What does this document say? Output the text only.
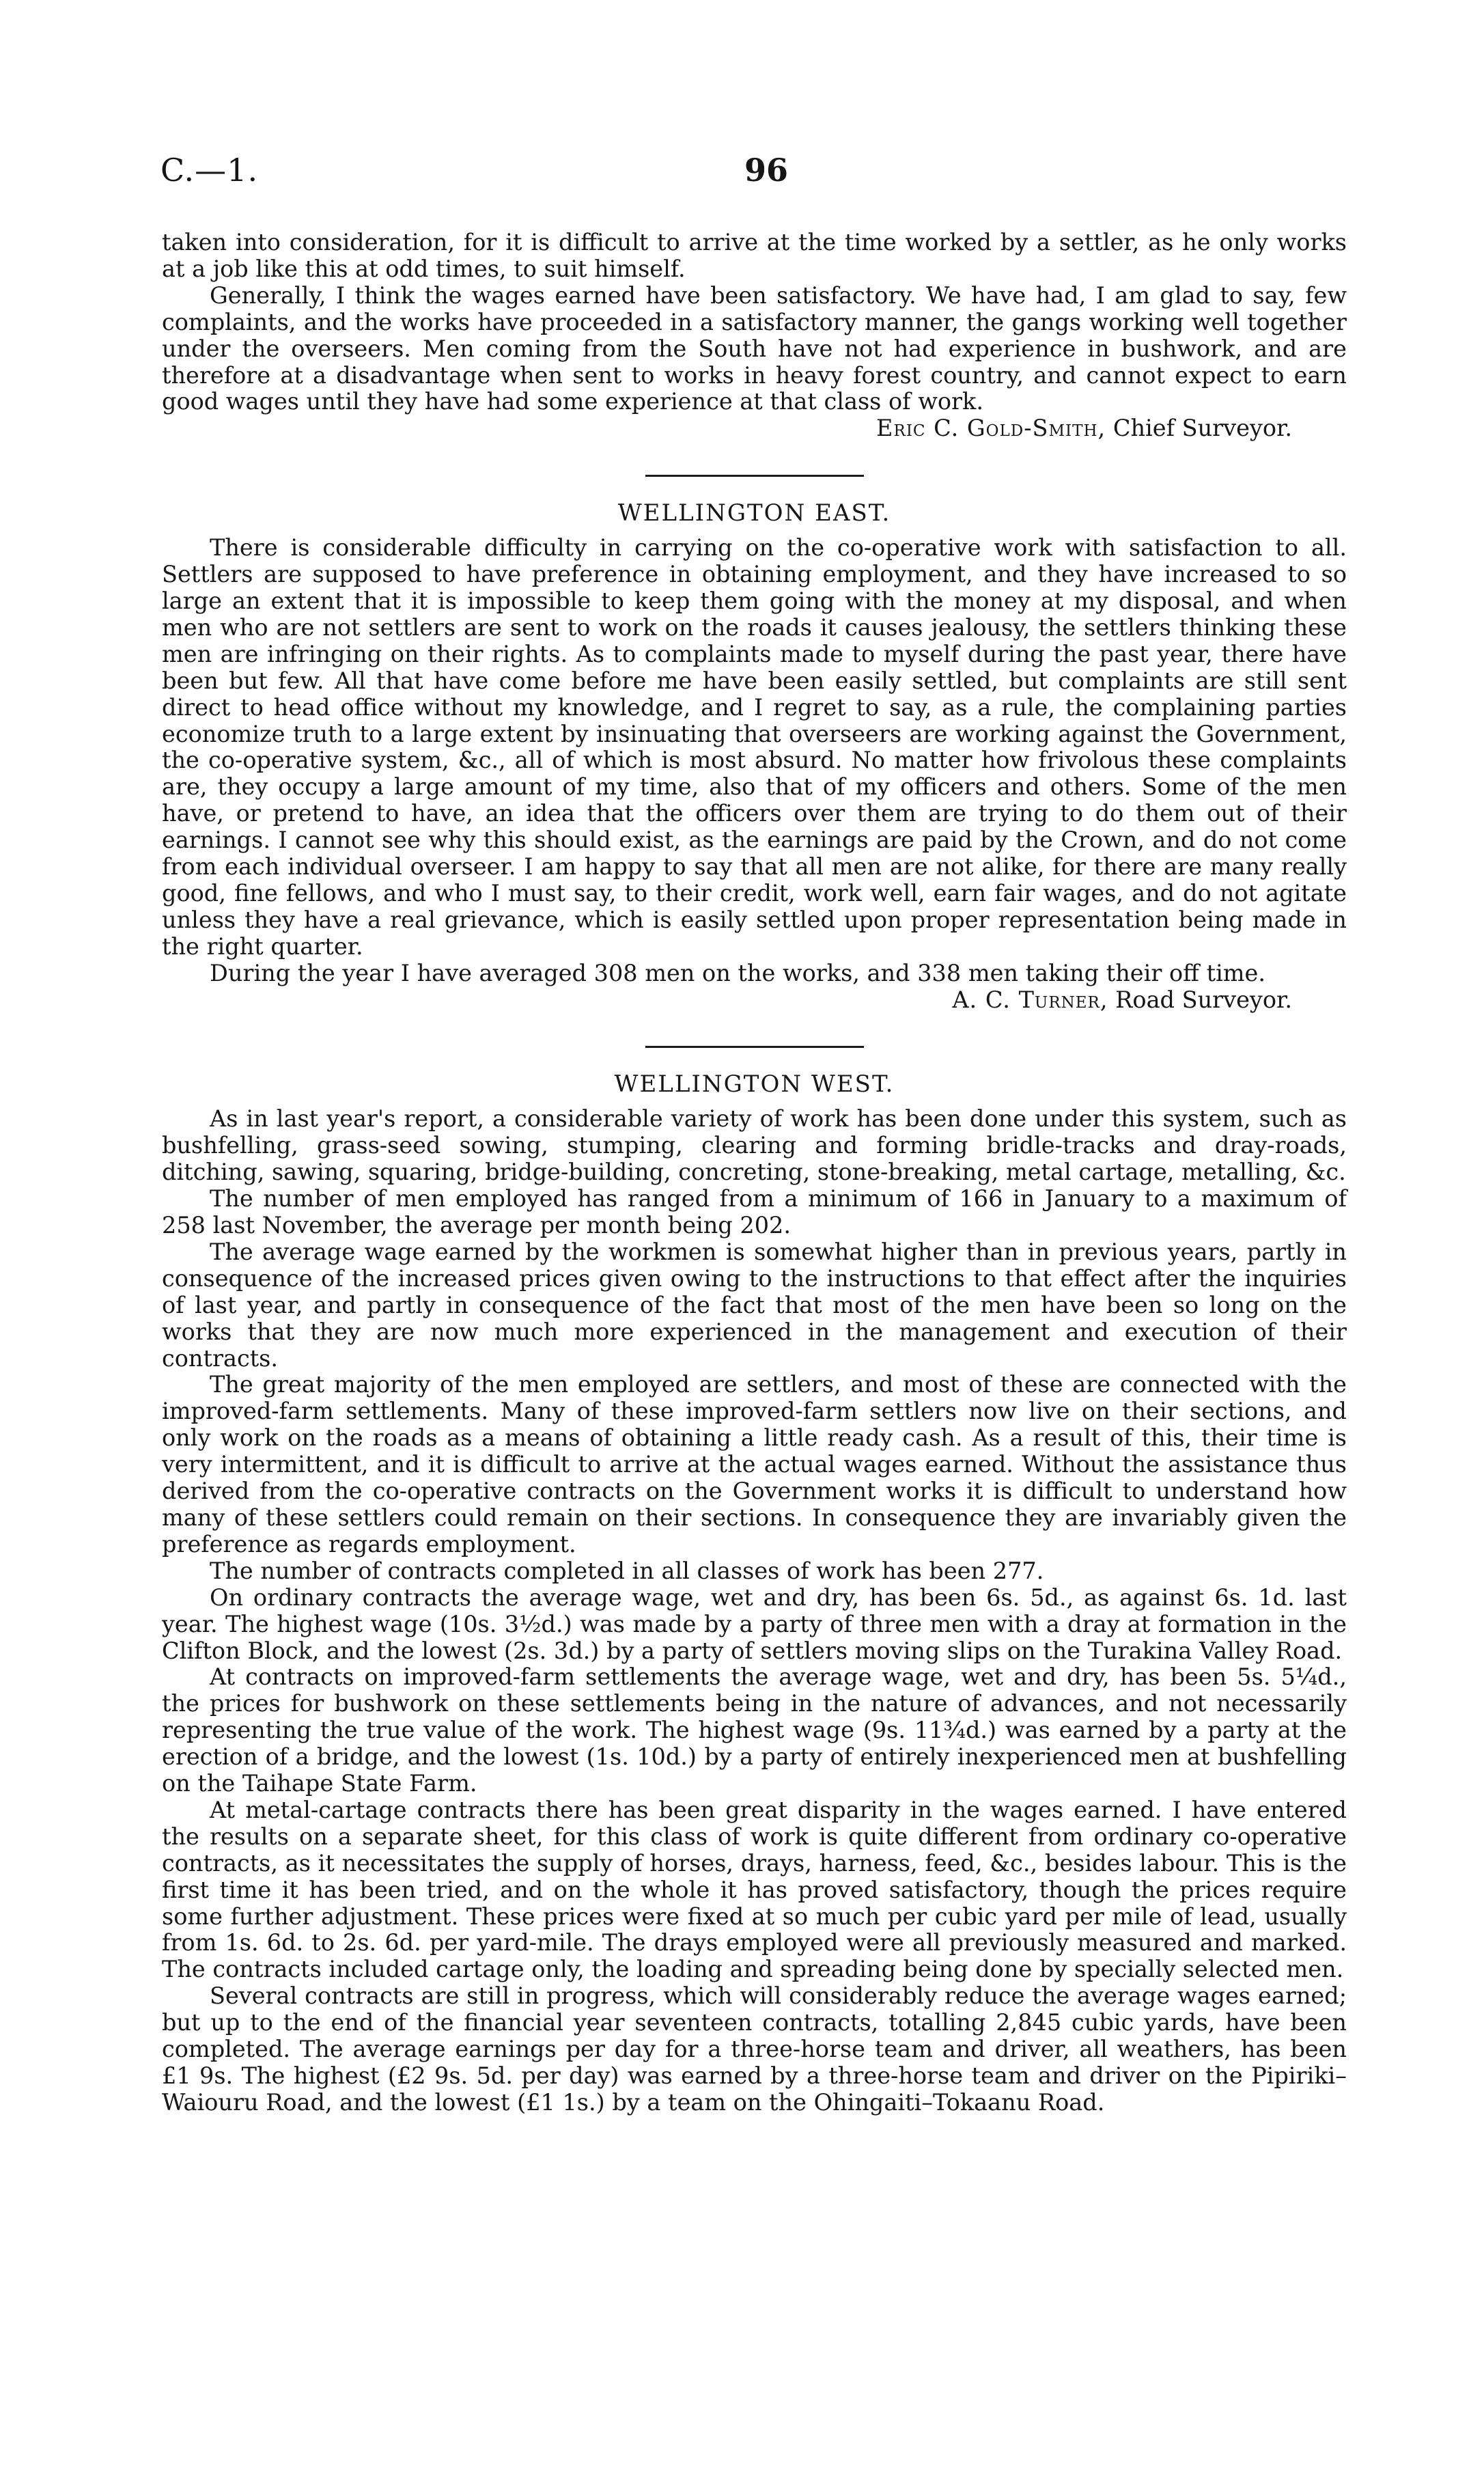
C.—1.	96

taken into consideration, for it is difficult to arrive at the time worked by a settler, as he only works at a job like this at odd times, to suit himself.

Generally, I think the wages earned have been satisfactory. We have had, I am glad to say, few complaints, and the works have proceeded in a satisfactory manner, the gangs working well together under the overseers. Men coming from the South have not had experience in bushwork, and are therefore at a disadvantage when sent to works in heavy forest country, and cannot expect to earn good wages until they have had some experience at that class of work.

Eric C. Gold-Smith, Chief Surveyor.

WELLINGTON EAST.

There is considerable difficulty in carrying on the co-operative work with satisfaction to all. Settlers are supposed to have preference in obtaining employment, and they have increased to so large an extent that it is impossible to keep them going with the money at my disposal, and when men who are not settlers are sent to work on the roads it causes jealousy, the settlers thinking these men are infringing on their rights. As to complaints made to myself during the past year, there have been but few. All that have come before me have been easily settled, but complaints are still sent direct to head office without my knowledge, and I regret to say, as a rule, the complaining parties economize truth to a large extent by insinuating that overseers are working against the Government, the co-operative system, &c., all of which is most absurd. No matter how frivolous these complaints are, they occupy a large amount of my time, also that of my officers and others. Some of the men have, or pretend to have, an idea that the officers over them are trying to do them out of their earnings. I cannot see why this should exist, as the earnings are paid by the Crown, and do not come from each individual overseer. I am happy to say that all men are not alike, for there are many really good, fine fellows, and who I must say, to their credit, work well, earn fair wages, and do not agitate unless they have a real grievance, which is easily settled upon proper representation being made in the right quarter.

During the year I have averaged 308 men on the works, and 338 men taking their off time.

A. C. Turner, Road Surveyor.

WELLINGTON WEST.

As in last year's report, a considerable variety of work has been done under this system, such as bushfelling, grass-seed sowing, stumping, clearing and forming bridle-tracks and dray-roads, ditching, sawing, squaring, bridge-building, concreting, stone-breaking, metal cartage, metalling, &c.

The number of men employed has ranged from a minimum of 166 in January to a maximum of 258 last November, the average per month being 202.

The average wage earned by the workmen is somewhat higher than in previous years, partly in consequence of the increased prices given owing to the instructions to that effect after the inquiries of last year, and partly in consequence of the fact that most of the men have been so long on the works that they are now much more experienced in the management and execution of their contracts.

The great majority of the men employed are settlers, and most of these are connected with the improved-farm settlements. Many of these improved-farm settlers now live on their sections, and only work on the roads as a means of obtaining a little ready cash. As a result of this, their time is very intermittent, and it is difficult to arrive at the actual wages earned. Without the assistance thus derived from the co-operative contracts on the Government works it is difficult to understand how many of these settlers could remain on their sections. In consequence they are invariably given the preference as regards employment.

The number of contracts completed in all classes of work has been 277.

On ordinary contracts the average wage, wet and dry, has been 6s. 5d., as against 6s. 1d. last year. The highest wage (10s. 3½d.) was made by a party of three men with a dray at formation in the Clifton Block, and the lowest (2s. 3d.) by a party of settlers moving slips on the Turakina Valley Road.

At contracts on improved-farm settlements the average wage, wet and dry, has been 5s. 5¼d., the prices for bushwork on these settlements being in the nature of advances, and not necessarily representing the true value of the work. The highest wage (9s. 11¾d.) was earned by a party at the erection of a bridge, and the lowest (1s. 10d.) by a party of entirely inexperienced men at bushfelling on the Taihape State Farm.

At metal-cartage contracts there has been great disparity in the wages earned. I have entered the results on a separate sheet, for this class of work is quite different from ordinary co-operative contracts, as it necessitates the supply of horses, drays, harness, feed, &c., besides labour. This is the first time it has been tried, and on the whole it has proved satisfactory, though the prices require some further adjustment. These prices were fixed at so much per cubic yard per mile of lead, usually from 1s. 6d. to 2s. 6d. per yard-mile. The drays employed were all previously measured and marked. The contracts included cartage only, the loading and spreading being done by specially selected men.

Several contracts are still in progress, which will considerably reduce the average wages earned; but up to the end of the financial year seventeen contracts, totalling 2,845 cubic yards, have been completed. The average earnings per day for a three-horse team and driver, all weathers, has been £1 9s. The highest (£2 9s. 5d. per day) was earned by a three-horse team and driver on the Pipiriki–Waiouru Road, and the lowest (£1 1s.) by a team on the Ohingaiti–Tokaanu Road.
